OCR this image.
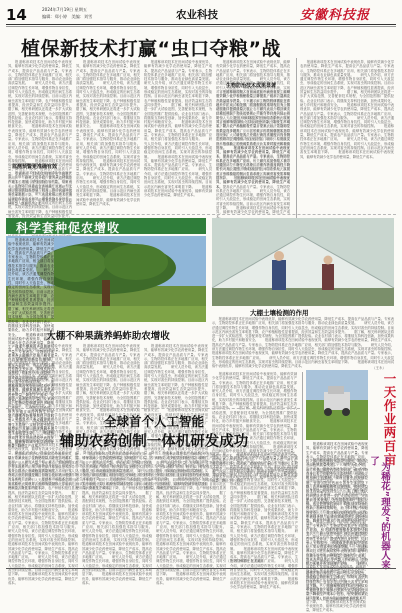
14	2024年7月19日 星期五
编辑：郑小婷　美编：刘雪	农业科技	安徽科技报
植保新技术打赢“虫口夺粮”战
　　报道称该项技术在田间试验中表现优异，能够有效减少化学农药使用量，降低生产成本，提高农产品品质与产量。专家表示，生物防控体系正在多地推广应用，相关部门将加强技术指导与服务，推动农业绿色高质量发展。　　研究人员介绍，该方法通过调控作物生长环境，增强作物自身抗性，同时引入天敌昆虫，形成稳定的田间生态系统，实现对害虫的持续控制。目前示范区内病虫害发生率明显下降，农户种植积极性显著提高，经济效益和生态效益同步提升。　　据了解，相关科研团队还将进一步扩大试验范围，完善配套技术规程，为全国范围推广提供经验。农业农村部门表示，将继续支持科技创新，加快成果转化，助力乡村振兴和粮食安全。　　报道称该项技术在田间试验中表现优异，能够有效减少化学农药使用量，降低生产成本，提高农产品品质与产量。专家表示，生物防控体系正在多地推广应用，相关部门将加强技术指导与服务。　　研究人员介绍，该方法通过调控作物生长环境，增强作物自身抗性，同时引入天敌昆虫，形成稳定的田间生态系统，实现对害虫的持续控制。　　报道称该项技术在田间试验中表现优异，能够有效减少化学农药使用量，降低生产成本，提高农产品品质与产量。专家表示，生物防控体系正在多地推广应用。　　研究人员介绍，该方法通过调控作物生长环境，增强作物自身抗性，同时引入天敌昆虫，形成稳定的田间生态系统，实现对害虫的持续控制。目前示范区内病虫害发生率明显下降。　　报道称该项技术在田间试验中表现优异，能够有效减少化学农药使用量，降低生产成本。
监测预警更准确有效
　　报道称该项技术在田间试验中表现优异，能够有效减少化学农药使用量，降低生产成本，提高农产品品质与产量。专家表示，生物防控体系正在多地推广应用，相关部门将加强技术指导与服务，推动农业绿色高质量发展。　　研究人员介绍，该方法通过调控作物生长环境，增强作物自身抗性，同时引入天敌昆虫，形成稳定的田间生态系统，实现对害虫的持续控制。目前示范区内病虫害发生率明显下降，农户种植积极性显著提高，经济效益和生态效益同步提升。　　据了解，相关科研团队还将进一步扩大试验范围，完善配套技术规程，为全国范围推广提供经验。农业农村部门表示，将继续支持科技创新，加快成果转化，助力乡村振兴和粮食安全。　　报道称该项技术在田间试验中表现优异，能够有效减少化学农药使用量，降低生产成本，提高农产品品质与产量。专家表示，生物防控体系正在多地推广应用，相关部门将加强技术指导与服务。　　研究人员介绍，该方法通过调控作物生长环境，增强作物自身抗性，同时引入天敌昆虫，形成稳定的田间生态系统，实现对害虫的持续控制。　　报道称该项技术在田间试验中表现优异，能够有效减少化学农药使用量，降低生产成本，提高农产品品质与产量。专家表示，生物防控体系正在多地推广应用。　　研究人员介绍，该方法通过调控作物生长环境，增强作物自身抗性，同时引入天敌昆虫，形成稳定的田间生态系统，实现对害虫的持续控制。目前示范区内病虫害发生率明显下降。　　报道称该项技术在田间试验中表现优异，能够有效减少化学农药使用量，降低生产成本。
　　报道称该项技术在田间试验中表现优异，能够有效减少化学农药使用量，降低生产成本，提高农产品品质与产量。专家表示，生物防控体系正在多地推广应用，相关部门将加强技术指导与服务，推动农业绿色高质量发展。　　研究人员介绍，该方法通过调控作物生长环境，增强作物自身抗性，同时引入天敌昆虫，形成稳定的田间生态系统，实现对害虫的持续控制。目前示范区内病虫害发生率明显下降，农户种植积极性显著提高，经济效益和生态效益同步提升。　　据了解，相关科研团队还将进一步扩大试验范围，完善配套技术规程，为全国范围推广提供经验。农业农村部门表示，将继续支持科技创新，加快成果转化，助力乡村振兴和粮食安全。　　报道称该项技术在田间试验中表现优异，能够有效减少化学农药使用量，降低生产成本，提高农产品品质与产量。专家表示，生物防控体系正在多地推广应用，相关部门将加强技术指导与服务。　　研究人员介绍，该方法通过调控作物生长环境，增强作物自身抗性，同时引入天敌昆虫，形成稳定的田间生态系统，实现对害虫的持续控制。　　报道称该项技术在田间试验中表现优异，能够有效减少化学农药使用量，降低生产成本，提高农产品品质与产量。专家表示，生物防控体系正在多地推广应用。　　研究人员介绍，该方法通过调控作物生长环境，增强作物自身抗性，同时引入天敌昆虫，形成稳定的田间生态系统，实现对害虫的持续控制。目前示范区内病虫害发生率明显下降。　　报道称该项技术在田间试验中表现优异，能够有效减少化学农药使用量，降低生产成本。
　　报道称该项技术在田间试验中表现优异，能够有效减少化学农药使用量，降低生产成本，提高农产品品质与产量。专家表示，生物防控体系正在多地推广应用，相关部门将加强技术指导与服务，推动农业绿色高质量发展。　　研究人员介绍，该方法通过调控作物生长环境，增强作物自身抗性，同时引入天敌昆虫，形成稳定的田间生态系统，实现对害虫的持续控制。目前示范区内病虫害发生率明显下降，农户种植积极性显著提高，经济效益和生态效益同步提升。　　据了解，相关科研团队还将进一步扩大试验范围，完善配套技术规程，为全国范围推广提供经验。农业农村部门表示，将继续支持科技创新，加快成果转化，助力乡村振兴和粮食安全。　　报道称该项技术在田间试验中表现优异，能够有效减少化学农药使用量，降低生产成本，提高农产品品质与产量。专家表示，生物防控体系正在多地推广应用，相关部门将加强技术指导与服务。　　研究人员介绍，该方法通过调控作物生长环境，增强作物自身抗性，同时引入天敌昆虫，形成稳定的田间生态系统，实现对害虫的持续控制。　　报道称该项技术在田间试验中表现优异，能够有效减少化学农药使用量，降低生产成本，提高农产品品质与产量。专家表示，生物防控体系正在多地推广应用。　　研究人员介绍，该方法通过调控作物生长环境，增强作物自身抗性，同时引入天敌昆虫，形成稳定的田间生态系统，实现对害虫的持续控制。目前示范区内病虫害发生率明显下降。　　报道称该项技术在田间试验中表现优异，能够有效减少化学农药使用量，降低生产成本。
　　报道称该项技术在田间试验中表现优异，能够有效减少化学农药使用量，降低生产成本，提高农产品品质与产量。专家表示，生物防控体系正在多地推广应用，相关部门将加强技术指导与服务，推动农业绿色高质量发展。　　研究人员介绍，该方法通过调控作物生长环境，增强作物自身抗性，同时引入天敌昆虫，形成稳定的田间生态系统，实现对害虫的持续控制。目前示范区内病虫害发生率明显下降，农户种植积极性显著提高，经济效益和生态效益同步提升。　　据了解，相关科研团队还将进一步扩大试验范围，完善配套技术规程，为全国范围推广提供经验。农业农村部门表示，将继续支持科技创新，加快成果转化，助力乡村振兴和粮食安全。　　报道称该项技术在田间试验中表现优异，能够有效减少化学农药使用量，降低生产成本，提高农产品品质与产量。专家表示，生物防控体系正在多地推广应用，相关部门将加强技术指导与服务。　　研究人员介绍，该方法通过调控作物生长环境，增强作物自身抗性，同时引入天敌昆虫，形成稳定的田间生态系统，实现对害虫的持续控制。　　报道称该项技术在田间试验中表现优异，能够有效减少化学农药使用量，降低生产成本，提高农产品品质与产量。专家表示，生物防控体系正在多地推广应用。　　研究人员介绍，该方法通过调控作物生长环境，增强作物自身抗性，同时引入天敌昆虫，形成稳定的田间生态系统，实现对害虫的持续控制。目前示范区内病虫害发生率明显下降。　　报道称该项技术在田间试验中表现优异，能够有效减少化学农药使用量，降低生产成本。
生物防治技术成果显著
　　报道称该项技术在田间试验中表现优异，能够有效减少化学农药使用量，降低生产成本，提高农产品品质与产量。专家表示，生物防控体系正在多地推广应用，相关部门将加强技术指导与服务，推动农业绿色高质量发展。　　研究人员介绍，该方法通过调控作物生长环境，增强作物自身抗性，同时引入天敌昆虫，形成稳定的田间生态系统，实现对害虫的持续控制。目前示范区内病虫害发生率明显下降，农户种植积极性显著提高，经济效益和生态效益同步提升。　　据了解，相关科研团队还将进一步扩大试验范围，完善配套技术规程，为全国范围推广提供经验。农业农村部门表示，将继续支持科技创新，加快成果转化，助力乡村振兴和粮食安全。　　报道称该项技术在田间试验中表现优异，能够有效减少化学农药使用量，降低生产成本，提高农产品品质与产量。专家表示，生物防控体系正在多地推广应用，相关部门将加强技术指导与服务。　　研究人员介绍，该方法通过调控作物生长环境，增强作物自身抗性，同时引入天敌昆虫，形成稳定的田间生态系统，实现对害虫的持续控制。　　报道称该项技术在田间试验中表现优异，能够有效减少化学农药使用量，降低生产成本，提高农产品品质与产量。专家表示，生物防控体系正在多地推广应用。　　研究人员介绍，该方法通过调控作物生长环境，增强作物自身抗性，同时引入天敌昆虫，形成稳定的田间生态系统，实现对害虫的持续控制。目前示范区内病虫害发生率明显下降。　　报道称该项技术在田间试验中表现优异，能够有效减少化学农药使用量，降低生产成本。
　　报道称该项技术在田间试验中表现优异，能够有效减少化学农药使用量，降低生产成本，提高农产品品质与产量。专家表示，生物防控体系正在多地推广应用，相关部门将加强技术指导与服务，推动农业绿色高质量发展。　　研究人员介绍，该方法通过调控作物生长环境，增强作物自身抗性，同时引入天敌昆虫，形成稳定的田间生态系统，实现对害虫的持续控制。目前示范区内病虫害发生率明显下降，农户种植积极性显著提高，经济效益和生态效益同步提升。　　据了解，相关科研团队还将进一步扩大试验范围，完善配套技术规程，为全国范围推广提供经验。农业农村部门表示，将继续支持科技创新，加快成果转化，助力乡村振兴和粮食安全。　　报道称该项技术在田间试验中表现优异，能够有效减少化学农药使用量，降低生产成本，提高农产品品质与产量。专家表示，生物防控体系正在多地推广应用，相关部门将加强技术指导与服务。　　研究人员介绍，该方法通过调控作物生长环境，增强作物自身抗性，同时引入天敌昆虫，形成稳定的田间生态系统，实现对害虫的持续控制。　　报道称该项技术在田间试验中表现优异，能够有效减少化学农药使用量，降低生产成本，提高农产品品质与产量。专家表示，生物防控体系正在多地推广应用。　　研究人员介绍，该方法通过调控作物生长环境，增强作物自身抗性，同时引入天敌昆虫，形成稳定的田间生态系统，实现对害虫的持续控制。目前示范区内病虫害发生率明显下降。　　报道称该项技术在田间试验中表现优异，能够有效减少化学农药使用量，降低生产成本。
科学套种促农增收
　　报道称该项技术在田间试验中表现优异，能够有效减少化学农药使用量，降低生产成本，提高农产品品质与产量。专家表示，生物防控体系正在多地推广应用，相关部门将加强技术指导与服务，推动农业绿色高质量发展。　　研究人员介绍，该方法通过调控作物生长环境，增强作物自身抗性，同时引入天敌昆虫，形成稳定的田间生态系统，实现对害虫的持续控制。目前示范区内病虫害发生率明显下降，农户种植积极性显著提高，经济效益和生态效益同步提升。　　据了解，相关科研团队还将进一步扩大试验范围，完善配套技术规程，为全国范围推广提供经验。农业农村部门表示，将继续支持科技创新，加快成果转化，助力乡村振兴和粮食安全。　　报道称该项技术在田间试验中表现优异，能够有效减少化学农药使用量，降低生产成本，提高农产品品质与产量。专家表示，生物防控体系正在多地推广应用，相关部门将加强技术指导与服务。　　研究人员介绍，该方法通过调控作物生长环境，增强作物自身抗性，同时引入天敌昆虫，形成稳定的田间生态系统，实现对害虫的持续控制。　　报道称该项技术在田间试验中表现优异，能够有效减少化学农药使用量，降低生产成本，提高农产品品质与产量。专家表示，生物防控体系正在多地推广应用。　　研究人员介绍，该方法通过调控作物生长环境，增强作物自身抗性，同时引入天敌昆虫，形成稳定的田间生态系统，实现对害虫的持续控制。目前示范区内病虫害发生率明显下降。　　报道称该项技术在田间试验中表现优异，能够有效减少化学农药使用量，降低生产成本。
大棚土壤检测的作用
　　报道称该项技术在田间试验中表现优异，能够有效减少化学农药使用量，降低生产成本，提高农产品品质与产量。专家表示，生物防控体系正在多地推广应用，相关部门将加强技术指导与服务，推动农业绿色高质量发展。　　研究人员介绍，该方法通过调控作物生长环境，增强作物自身抗性，同时引入天敌昆虫，形成稳定的田间生态系统，实现对害虫的持续控制。目前示范区内病虫害发生率明显下降，农户种植积极性显著提高，经济效益和生态效益同步提升。　　据了解，相关科研团队还将进一步扩大试验范围，完善配套技术规程，为全国范围推广提供经验。农业农村部门表示，将继续支持科技创新，加快成果转化，助力乡村振兴和粮食安全。　　报道称该项技术在田间试验中表现优异，能够有效减少化学农药使用量，降低生产成本，提高农产品品质与产量。专家表示，生物防控体系正在多地推广应用，相关部门将加强技术指导与服务。　　研究人员介绍，该方法通过调控作物生长环境，增强作物自身抗性，同时引入天敌昆虫，形成稳定的田间生态系统，实现对害虫的持续控制。　　报道称该项技术在田间试验中表现优异，能够有效减少化学农药使用量，降低生产成本，提高农产品品质与产量。专家表示，生物防控体系正在多地推广应用。　　研究人员介绍，该方法通过调控作物生长环境，增强作物自身抗性，同时引入天敌昆虫，形成稳定的田间生态系统，实现对害虫的持续控制。目前示范区内病虫害发生率明显下降。　　报道称该项技术在田间试验中表现优异，能够有效减少化学农药使用量，降低生产成本。
（王永）
大棚不种果蔬养蚂蚱助农增收
　　报道称该项技术在田间试验中表现优异，能够有效减少化学农药使用量，降低生产成本，提高农产品品质与产量。专家表示，生物防控体系正在多地推广应用，相关部门将加强技术指导与服务，推动农业绿色高质量发展。　　研究人员介绍，该方法通过调控作物生长环境，增强作物自身抗性，同时引入天敌昆虫，形成稳定的田间生态系统，实现对害虫的持续控制。目前示范区内病虫害发生率明显下降，农户种植积极性显著提高，经济效益和生态效益同步提升。　　据了解，相关科研团队还将进一步扩大试验范围，完善配套技术规程，为全国范围推广提供经验。农业农村部门表示，将继续支持科技创新，加快成果转化，助力乡村振兴和粮食安全。　　报道称该项技术在田间试验中表现优异，能够有效减少化学农药使用量，降低生产成本，提高农产品品质与产量。专家表示，生物防控体系正在多地推广应用，相关部门将加强技术指导与服务。　　研究人员介绍，该方法通过调控作物生长环境，增强作物自身抗性，同时引入天敌昆虫，形成稳定的田间生态系统，实现对害虫的持续控制。　　报道称该项技术在田间试验中表现优异，能够有效减少化学农药使用量，降低生产成本，提高农产品品质与产量。专家表示，生物防控体系正在多地推广应用。　　研究人员介绍，该方法通过调控作物生长环境，增强作物自身抗性，同时引入天敌昆虫，形成稳定的田间生态系统，实现对害虫的持续控制。目前示范区内病虫害发生率明显下降。　　报道称该项技术在田间试验中表现优异，能够有效减少化学农药使用量，降低生产成本。
　　报道称该项技术在田间试验中表现优异，能够有效减少化学农药使用量，降低生产成本，提高农产品品质与产量。专家表示，生物防控体系正在多地推广应用，相关部门将加强技术指导与服务，推动农业绿色高质量发展。　　研究人员介绍，该方法通过调控作物生长环境，增强作物自身抗性，同时引入天敌昆虫，形成稳定的田间生态系统，实现对害虫的持续控制。目前示范区内病虫害发生率明显下降，农户种植积极性显著提高，经济效益和生态效益同步提升。　　据了解，相关科研团队还将进一步扩大试验范围，完善配套技术规程，为全国范围推广提供经验。农业农村部门表示，将继续支持科技创新，加快成果转化，助力乡村振兴和粮食安全。　　报道称该项技术在田间试验中表现优异，能够有效减少化学农药使用量，降低生产成本，提高农产品品质与产量。专家表示，生物防控体系正在多地推广应用，相关部门将加强技术指导与服务。　　研究人员介绍，该方法通过调控作物生长环境，增强作物自身抗性，同时引入天敌昆虫，形成稳定的田间生态系统，实现对害虫的持续控制。　　报道称该项技术在田间试验中表现优异，能够有效减少化学农药使用量，降低生产成本，提高农产品品质与产量。专家表示，生物防控体系正在多地推广应用。　　研究人员介绍，该方法通过调控作物生长环境，增强作物自身抗性，同时引入天敌昆虫，形成稳定的田间生态系统，实现对害虫的持续控制。目前示范区内病虫害发生率明显下降。　　报道称该项技术在田间试验中表现优异，能够有效减少化学农药使用量，降低生产成本。
　　报道称该项技术在田间试验中表现优异，能够有效减少化学农药使用量，降低生产成本，提高农产品品质与产量。专家表示，生物防控体系正在多地推广应用，相关部门将加强技术指导与服务，推动农业绿色高质量发展。　　研究人员介绍，该方法通过调控作物生长环境，增强作物自身抗性，同时引入天敌昆虫，形成稳定的田间生态系统，实现对害虫的持续控制。目前示范区内病虫害发生率明显下降，农户种植积极性显著提高，经济效益和生态效益同步提升。　　据了解，相关科研团队还将进一步扩大试验范围，完善配套技术规程，为全国范围推广提供经验。农业农村部门表示，将继续支持科技创新，加快成果转化，助力乡村振兴和粮食安全。　　报道称该项技术在田间试验中表现优异，能够有效减少化学农药使用量，降低生产成本，提高农产品品质与产量。专家表示，生物防控体系正在多地推广应用，相关部门将加强技术指导与服务。　　研究人员介绍，该方法通过调控作物生长环境，增强作物自身抗性，同时引入天敌昆虫，形成稳定的田间生态系统，实现对害虫的持续控制。　　报道称该项技术在田间试验中表现优异，能够有效减少化学农药使用量，降低生产成本，提高农产品品质与产量。专家表示，生物防控体系正在多地推广应用。　　研究人员介绍，该方法通过调控作物生长环境，增强作物自身抗性，同时引入天敌昆虫，形成稳定的田间生态系统，实现对害虫的持续控制。目前示范区内病虫害发生率明显下降。　　报道称该项技术在田间试验中表现优异，能够有效减少化学农药使用量，降低生产成本。
　　报道称该项技术在田间试验中表现优异，能够有效减少化学农药使用量，降低生产成本，提高农产品品质与产量。专家表示，生物防控体系正在多地推广应用，相关部门将加强技术指导与服务，推动农业绿色高质量发展。　　研究人员介绍，该方法通过调控作物生长环境，增强作物自身抗性，同时引入天敌昆虫，形成稳定的田间生态系统，实现对害虫的持续控制。目前示范区内病虫害发生率明显下降，农户种植积极性显著提高，经济效益和生态效益同步提升。　　据了解，相关科研团队还将进一步扩大试验范围，完善配套技术规程，为全国范围推广提供经验。农业农村部门表示，将继续支持科技创新，加快成果转化，助力乡村振兴和粮食安全。　　报道称该项技术在田间试验中表现优异，能够有效减少化学农药使用量，降低生产成本，提高农产品品质与产量。专家表示，生物防控体系正在多地推广应用，相关部门将加强技术指导与服务。　　研究人员介绍，该方法通过调控作物生长环境，增强作物自身抗性，同时引入天敌昆虫，形成稳定的田间生态系统，实现对害虫的持续控制。　　报道称该项技术在田间试验中表现优异，能够有效减少化学农药使用量，降低生产成本，提高农产品品质与产量。专家表示，生物防控体系正在多地推广应用。　　研究人员介绍，该方法通过调控作物生长环境，增强作物自身抗性，同时引入天敌昆虫，形成稳定的田间生态系统，实现对害虫的持续控制。目前示范区内病虫害发生率明显下降。　　报道称该项技术在田间试验中表现优异，能够有效减少化学农药使用量，降低生产成本。
全球首个人工智能
辅助农药创制一体机研发成功
　　报道称该项技术在田间试验中表现优异，能够有效减少化学农药使用量，降低生产成本，提高农产品品质与产量。专家表示，生物防控体系正在多地推广应用，相关部门将加强技术指导与服务，推动农业绿色高质量发展。　　研究人员介绍，该方法通过调控作物生长环境，增强作物自身抗性，同时引入天敌昆虫，形成稳定的田间生态系统，实现对害虫的持续控制。目前示范区内病虫害发生率明显下降，农户种植积极性显著提高，经济效益和生态效益同步提升。　　据了解，相关科研团队还将进一步扩大试验范围，完善配套技术规程，为全国范围推广提供经验。农业农村部门表示，将继续支持科技创新，加快成果转化，助力乡村振兴和粮食安全。　　报道称该项技术在田间试验中表现优异，能够有效减少化学农药使用量，降低生产成本，提高农产品品质与产量。专家表示，生物防控体系正在多地推广应用，相关部门将加强技术指导与服务。　　研究人员介绍，该方法通过调控作物生长环境，增强作物自身抗性，同时引入天敌昆虫，形成稳定的田间生态系统，实现对害虫的持续控制。　　报道称该项技术在田间试验中表现优异，能够有效减少化学农药使用量，降低生产成本，提高农产品品质与产量。专家表示，生物防控体系正在多地推广应用。　　研究人员介绍，该方法通过调控作物生长环境，增强作物自身抗性，同时引入天敌昆虫，形成稳定的田间生态系统，实现对害虫的持续控制。目前示范区内病虫害发生率明显下降。　　报道称该项技术在田间试验中表现优异，能够有效减少化学农药使用量，降低生产成本。
　　报道称该项技术在田间试验中表现优异，能够有效减少化学农药使用量，降低生产成本，提高农产品品质与产量。专家表示，生物防控体系正在多地推广应用，相关部门将加强技术指导与服务，推动农业绿色高质量发展。　　研究人员介绍，该方法通过调控作物生长环境，增强作物自身抗性，同时引入天敌昆虫，形成稳定的田间生态系统，实现对害虫的持续控制。目前示范区内病虫害发生率明显下降，农户种植积极性显著提高，经济效益和生态效益同步提升。　　据了解，相关科研团队还将进一步扩大试验范围，完善配套技术规程，为全国范围推广提供经验。农业农村部门表示，将继续支持科技创新，加快成果转化，助力乡村振兴和粮食安全。　　报道称该项技术在田间试验中表现优异，能够有效减少化学农药使用量，降低生产成本，提高农产品品质与产量。专家表示，生物防控体系正在多地推广应用，相关部门将加强技术指导与服务。　　研究人员介绍，该方法通过调控作物生长环境，增强作物自身抗性，同时引入天敌昆虫，形成稳定的田间生态系统，实现对害虫的持续控制。　　报道称该项技术在田间试验中表现优异，能够有效减少化学农药使用量，降低生产成本，提高农产品品质与产量。专家表示，生物防控体系正在多地推广应用。　　研究人员介绍，该方法通过调控作物生长环境，增强作物自身抗性，同时引入天敌昆虫，形成稳定的田间生态系统，实现对害虫的持续控制。目前示范区内病虫害发生率明显下降。　　报道称该项技术在田间试验中表现优异，能够有效减少化学农药使用量，降低生产成本。
　　报道称该项技术在田间试验中表现优异，能够有效减少化学农药使用量，降低生产成本，提高农产品品质与产量。专家表示，生物防控体系正在多地推广应用，相关部门将加强技术指导与服务，推动农业绿色高质量发展。　　研究人员介绍，该方法通过调控作物生长环境，增强作物自身抗性，同时引入天敌昆虫，形成稳定的田间生态系统，实现对害虫的持续控制。目前示范区内病虫害发生率明显下降，农户种植积极性显著提高，经济效益和生态效益同步提升。　　据了解，相关科研团队还将进一步扩大试验范围，完善配套技术规程，为全国范围推广提供经验。农业农村部门表示，将继续支持科技创新，加快成果转化，助力乡村振兴和粮食安全。　　报道称该项技术在田间试验中表现优异，能够有效减少化学农药使用量，降低生产成本，提高农产品品质与产量。专家表示，生物防控体系正在多地推广应用，相关部门将加强技术指导与服务。　　研究人员介绍，该方法通过调控作物生长环境，增强作物自身抗性，同时引入天敌昆虫，形成稳定的田间生态系统，实现对害虫的持续控制。　　报道称该项技术在田间试验中表现优异，能够有效减少化学农药使用量，降低生产成本，提高农产品品质与产量。专家表示，生物防控体系正在多地推广应用。　　研究人员介绍，该方法通过调控作物生长环境，增强作物自身抗性，同时引入天敌昆虫，形成稳定的田间生态系统，实现对害虫的持续控制。目前示范区内病虫害发生率明显下降。　　报道称该项技术在田间试验中表现优异，能够有效减少化学农药使用量，降低生产成本。
　　报道称该项技术在田间试验中表现优异，能够有效减少化学农药使用量，降低生产成本，提高农产品品质与产量。专家表示，生物防控体系正在多地推广应用，相关部门将加强技术指导与服务，推动农业绿色高质量发展。　　研究人员介绍，该方法通过调控作物生长环境，增强作物自身抗性，同时引入天敌昆虫，形成稳定的田间生态系统，实现对害虫的持续控制。目前示范区内病虫害发生率明显下降，农户种植积极性显著提高，经济效益和生态效益同步提升。　　据了解，相关科研团队还将进一步扩大试验范围，完善配套技术规程，为全国范围推广提供经验。农业农村部门表示，将继续支持科技创新，加快成果转化，助力乡村振兴和粮食安全。　　报道称该项技术在田间试验中表现优异，能够有效减少化学农药使用量，降低生产成本，提高农产品品质与产量。专家表示，生物防控体系正在多地推广应用，相关部门将加强技术指导与服务。　　研究人员介绍，该方法通过调控作物生长环境，增强作物自身抗性，同时引入天敌昆虫，形成稳定的田间生态系统，实现对害虫的持续控制。　　报道称该项技术在田间试验中表现优异，能够有效减少化学农药使用量，降低生产成本，提高农产品品质与产量。专家表示，生物防控体系正在多地推广应用。　　研究人员介绍，该方法通过调控作物生长环境，增强作物自身抗性，同时引入天敌昆虫，形成稳定的田间生态系统，实现对害虫的持续控制。目前示范区内病虫害发生率明显下降。　　报道称该项技术在田间试验中表现优异，能够有效减少化学农药使用量，降低生产成本。
（王 博 韩瑞玲 吴龙斌）
一天作业两百亩
“为稀花”理发”的机器人来了
　　报道称该项技术在田间试验中表现优异，能够有效减少化学农药使用量，降低生产成本，提高农产品品质与产量。专家表示，生物防控体系正在多地推广应用，相关部门将加强技术指导与服务，推动农业绿色高质量发展。　　研究人员介绍，该方法通过调控作物生长环境，增强作物自身抗性，同时引入天敌昆虫，形成稳定的田间生态系统，实现对害虫的持续控制。目前示范区内病虫害发生率明显下降，农户种植积极性显著提高，经济效益和生态效益同步提升。　　据了解，相关科研团队还将进一步扩大试验范围，完善配套技术规程，为全国范围推广提供经验。农业农村部门表示，将继续支持科技创新，加快成果转化，助力乡村振兴和粮食安全。　　报道称该项技术在田间试验中表现优异，能够有效减少化学农药使用量，降低生产成本，提高农产品品质与产量。专家表示，生物防控体系正在多地推广应用，相关部门将加强技术指导与服务。　　研究人员介绍，该方法通过调控作物生长环境，增强作物自身抗性，同时引入天敌昆虫，形成稳定的田间生态系统，实现对害虫的持续控制。　　报道称该项技术在田间试验中表现优异，能够有效减少化学农药使用量，降低生产成本，提高农产品品质与产量。专家表示，生物防控体系正在多地推广应用。　　研究人员介绍，该方法通过调控作物生长环境，增强作物自身抗性，同时引入天敌昆虫，形成稳定的田间生态系统，实现对害虫的持续控制。目前示范区内病虫害发生率明显下降。　　报道称该项技术在田间试验中表现优异，能够有效减少化学农药使用量，降低生产成本。 近日，在安徽省某农场，技术人员正在田间调试作业机器人。
　　报道称该项技术在田间试验中表现优异，能够有效减少化学农药使用量，降低生产成本，提高农产品品质与产量。专家表示，生物防控体系正在多地推广应用，相关部门将加强技术指导与服务，推动农业绿色高质量发展。　　研究人员介绍，该方法通过调控作物生长环境，增强作物自身抗性，同时引入天敌昆虫，形成稳定的田间生态系统，实现对害虫的持续控制。目前示范区内病虫害发生率明显下降，农户种植积极性显著提高，经济效益和生态效益同步提升。　　据了解，相关科研团队还将进一步扩大试验范围，完善配套技术规程，为全国范围推广提供经验。农业农村部门表示，将继续支持科技创新，加快成果转化，助力乡村振兴和粮食安全。　　报道称该项技术在田间试验中表现优异，能够有效减少化学农药使用量，降低生产成本，提高农产品品质与产量。专家表示，生物防控体系正在多地推广应用，相关部门将加强技术指导与服务。　　研究人员介绍，该方法通过调控作物生长环境，增强作物自身抗性，同时引入天敌昆虫，形成稳定的田间生态系统，实现对害虫的持续控制。　　报道称该项技术在田间试验中表现优异，能够有效减少化学农药使用量，降低生产成本，提高农产品品质与产量。专家表示，生物防控体系正在多地推广应用。　　研究人员介绍，该方法通过调控作物生长环境，增强作物自身抗性，同时引入天敌昆虫，形成稳定的田间生态系统，实现对害虫的持续控制。目前示范区内病虫害发生率明显下降。　　报道称该项技术在田间试验中表现优异，能够有效减少化学农药使用量，降低生产成本。
